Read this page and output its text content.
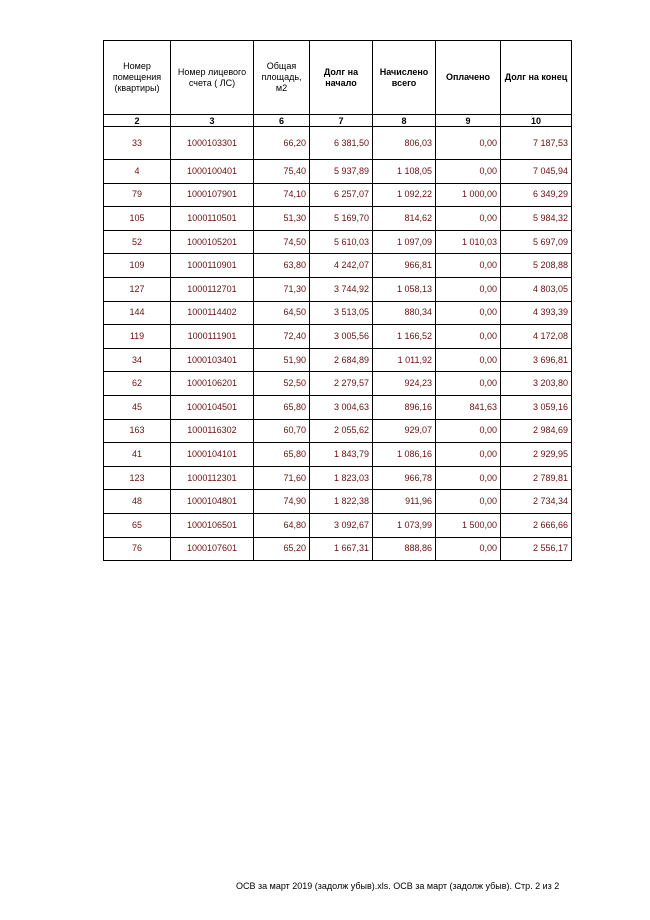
Номер помещения (квартиры)	Номер лицевого счета ( ЛС)	Общая площадь, м2	Долг на начало	Начислено всего	Оплачено	Долг на конец
2	3	6	7	8	9	10
33	1000103301	66,20	6 381,50	806,03	0,00	7 187,53
4	1000100401	75,40	5 937,89	1 108,05	0,00	7 045,94
79	1000107901	74,10	6 257,07	1 092,22	1 000,00	6 349,29
105	1000110501	51,30	5 169,70	814,62	0,00	5 984,32
52	1000105201	74,50	5 610,03	1 097,09	1 010,03	5 697,09
109	1000110901	63,80	4 242,07	966,81	0,00	5 208,88
127	1000112701	71,30	3 744,92	1 058,13	0,00	4 803,05
144	1000114402	64,50	3 513,05	880,34	0,00	4 393,39
119	1000111901	72,40	3 005,56	1 166,52	0,00	4 172,08
34	1000103401	51,90	2 684,89	1 011,92	0,00	3 696,81
62	1000106201	52,50	2 279,57	924,23	0,00	3 203,80
45	1000104501	65,80	3 004,63	896,16	841,63	3 059,16
163	1000116302	60,70	2 055,62	929,07	0,00	2 984,69
41	1000104101	65,80	1 843,79	1 086,16	0,00	2 929,95
123	1000112301	71,60	1 823,03	966,78	0,00	2 789,81
48	1000104801	74,90	1 822,38	911,96	0,00	2 734,34
65	1000106501	64,80	3 092,67	1 073,99	1 500,00	2 666,66
76	1000107601	65,20	1 667,31	888,86	0,00	2 556,17
ОСВ за март 2019 (задолж убыв).xls. ОСВ за март (задолж убыв). Стр. 2 из 2
